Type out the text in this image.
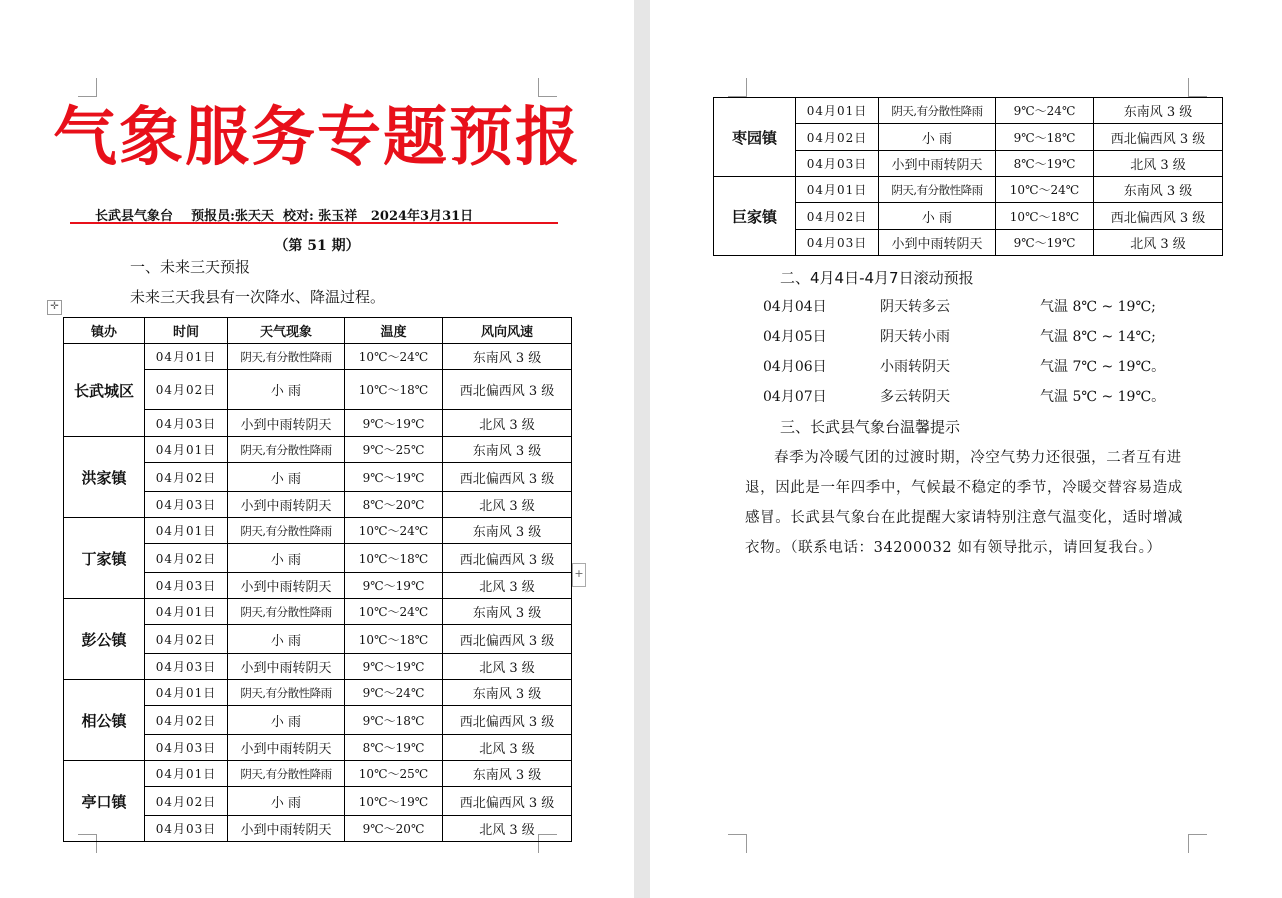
气象服务专题预报
长武县气象台    预报员:张天天  校对: 张玉祥   2024年3月31日
（第 51 期）
一、未来三天预报
未来三天我县有一次降水、降温过程。
✛
+
镇办	时间	天气现象	温度	风向风速
长武城区	04月01日	阴天,有分散性降雨	10℃～24℃	东南风 3 级
	04月02日	小 雨	10℃～18℃	西北偏西风 3 级
	04月03日	小到中雨转阴天	9℃～19℃	北风 3 级
洪家镇	04月01日	阴天,有分散性降雨	9℃～25℃	东南风 3 级
	04月02日	小 雨	9℃～19℃	西北偏西风 3 级
	04月03日	小到中雨转阴天	8℃～20℃	北风 3 级
丁家镇	04月01日	阴天,有分散性降雨	10℃～24℃	东南风 3 级
	04月02日	小 雨	10℃～18℃	西北偏西风 3 级
	04月03日	小到中雨转阴天	9℃～19℃	北风 3 级
彭公镇	04月01日	阴天,有分散性降雨	10℃～24℃	东南风 3 级
	04月02日	小 雨	10℃～18℃	西北偏西风 3 级
	04月03日	小到中雨转阴天	9℃～19℃	北风 3 级
相公镇	04月01日	阴天,有分散性降雨	9℃～24℃	东南风 3 级
	04月02日	小 雨	9℃～18℃	西北偏西风 3 级
	04月03日	小到中雨转阴天	8℃～19℃	北风 3 级
亭口镇	04月01日	阴天,有分散性降雨	10℃～25℃	东南风 3 级
	04月02日	小 雨	10℃～19℃	西北偏西风 3 级
	04月03日	小到中雨转阴天	9℃～20℃	北风 3 级
枣园镇	04月01日	阴天,有分散性降雨	9℃～24℃	东南风 3 级
	04月02日	小 雨	9℃～18℃	西北偏西风 3 级
	04月03日	小到中雨转阴天	8℃～19℃	北风 3 级
巨家镇	04月01日	阴天,有分散性降雨	10℃～24℃	东南风 3 级
	04月02日	小 雨	10℃～18℃	西北偏西风 3 级
	04月03日	小到中雨转阴天	9℃～19℃	北风 3 级
二、4月4日-4月7日滚动预报
04月04日	阴天转多云	气温 8℃ ~ 19℃;
04月05日	阴天转小雨	气温 8℃ ~ 14℃;
04月06日	小雨转阴天	气温 7℃ ~ 19℃。
04月07日	多云转阴天	气温 5℃ ~ 19℃。
三、长武县气象台温馨提示
春季为冷暖气团的过渡时期，冷空气势力还很强，二者互有进退，因此是一年四季中，气候最不稳定的季节，冷暖交替容易造成感冒。长武县气象台在此提醒大家请特别注意气温变化，适时增减衣物。（联系电话：34200032 如有领导批示，请回复我台。）
